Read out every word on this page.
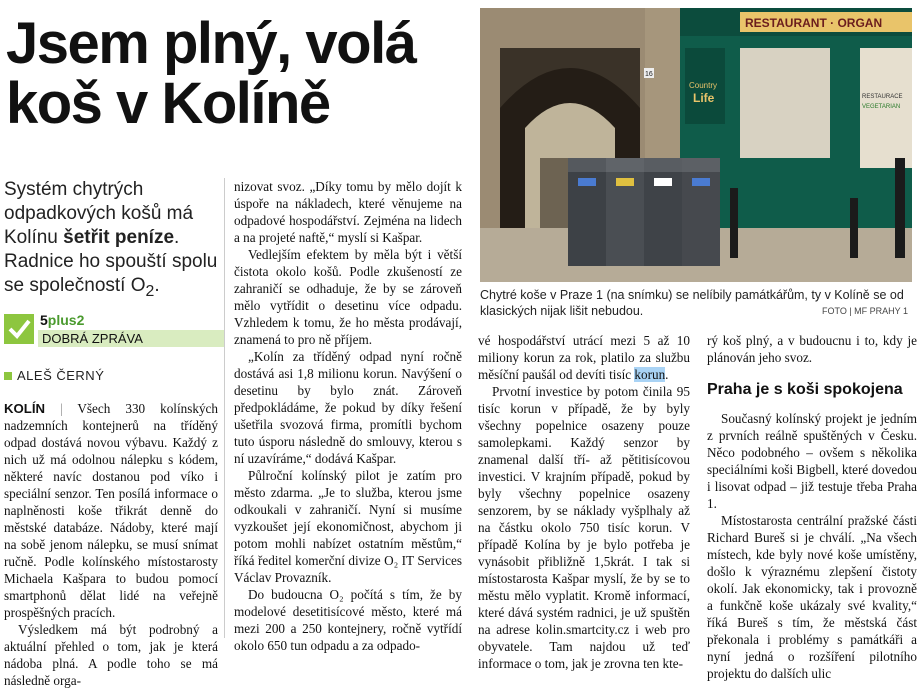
Jsem plný, volá
koš v Kolíně
Systém chytrých odpadkových košů má Kolínu šetřit peníze. Radnice ho spouští spolu se společností $O_2$.
5plus2
DOBRÁ ZPRÁVA
ALEŠ ČERNÝ

KOLÍN | Všech 330 kolínských nadzemních kontejnerů na tříděný odpad dostává novou výbavu. Každý z nich už má odolnou nálepku s kódem, některé navíc dostanou pod víko i speciální senzor. Ten posílá informace o naplněnosti koše třikrát denně do městské databáze. Nádoby, které mají na sobě jenom nálepku, se musí snímat ručně. Podle kolínského místostarosty Michaela Kašpara to budou pomocí smartphonů dělat lidé na veřejně prospěšných pracích.

Výsledkem má být podrobný a aktuální přehled o tom, jak je která nádoba plná. A podle toho se má následně orga-

nizovat svoz. „Díky tomu by mělo dojít k úspoře na nákladech, které věnujeme na odpadové hospodářství. Zejména na lidech a na projeté naftě,“ myslí si Kašpar.

Vedlejším efektem by měla být i větší čistota okolo košů. Podle zkušeností ze zahraničí se odhaduje, že by se zároveň mělo vytřídit o desetinu více odpadu. Vzhledem k tomu, že ho města prodávají, znamená to pro ně příjem.

„Kolín za tříděný odpad nyní ročně dostává asi 1,8 milionu korun. Navýšení o desetinu by bylo znát. Zároveň předpokládáme, že pokud by díky řešení ušetřila svozová firma, promítli bychom tuto úsporu následně do smlouvy, kterou s ní uzavíráme,“ dodává Kašpar.

Půlroční kolínský pilot je zatím pro město zdarma. „Je to služba, kterou jsme odkoukali v zahraničí. Nyní si musíme vyzkoušet její ekonomičnost, abychom ji potom mohli nabízet ostatním městům,“ říká ředitel komerční divize O₂ IT Services Václav Provazník.

Do budoucna O₂ počítá s tím, že by modelové desetitisícové město, které má mezi 200 a 250 kontejnery, ročně vytřídí okolo 650 tun odpadu a za odpado-

RESTAURANT · ORGAN
Country
Life	RESTAURACE
VEGETARIAN
16
Chytré koše v Praze 1 (na snímku) se nelíbily památkářům, ty v Kolíně se od klasických nijak lišit nebudou.	FOTO | MF PRAHY 1

vé hospodářství utrácí mezi 5 až 10 miliony korun za rok, platilo za službu měsíční paušál od devíti tisíc korun.

Prvotní investice by potom činila 95 tisíc korun v případě, že by byly všechny popelnice osazeny pouze samolepkami. Každý senzor by znamenal další tří- až pětitisícovou investici. V krajním případě, pokud by byly všechny popelnice osazeny senzorem, by se náklady vyšplhaly až na částku okolo 750 tisíc korun. V případě Kolína by je bylo potřeba je vynásobit přibližně 1,5krát. I tak si místostarosta Kašpar myslí, že by se to městu mělo vyplatit. Kromě informací, které dává systém radnici, je už spuštěn na adrese kolin.smartcity.cz i web pro obyvatele. Tam najdou už teď informace o tom, jak je zrovna ten kte-

rý koš plný, a v budoucnu i to, kdy je plánován jeho svoz.

Praha je s koši spokojena

Současný kolínský projekt je jedním z prvních reálně spuštěných v Česku. Něco podobného – ovšem s několika speciálními koši Bigbell, které dovedou i lisovat odpad – již testuje třeba Praha 1.

Místostarosta centrální pražské části Richard Bureš si je chválí. „Na všech místech, kde byly nové koše umístěny, došlo k výraznému zlepšení čistoty okolí. Jak ekonomicky, tak i provozně a funkčně koše ukázaly své kvality,“ říká Bureš s tím, že městská část překonala i problémy s památkáři a nyní jedná o rozšíření pilotního projektu do dalších ulic
